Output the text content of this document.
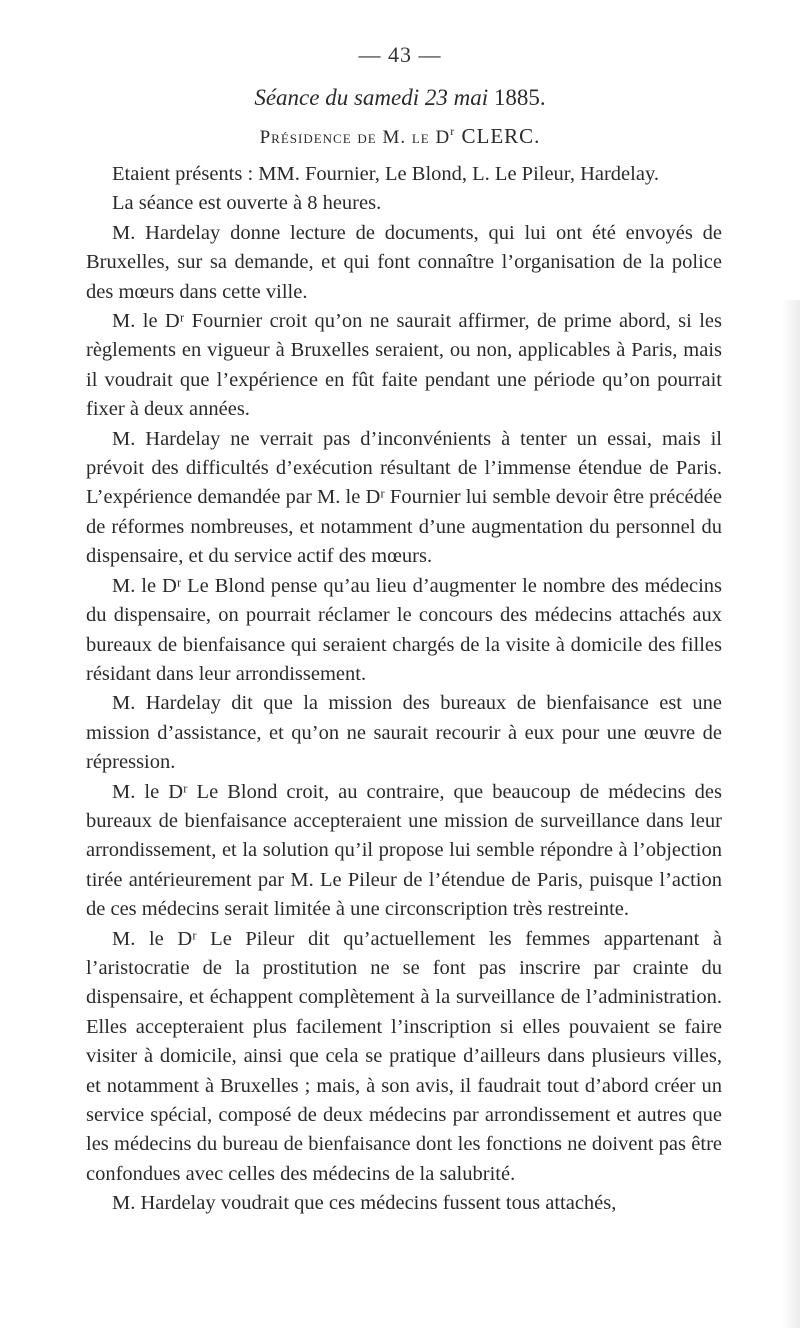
— 43 —
Séance du samedi 23 mai 1885.
Présidence de M. le $D^r$ CLERC.

Etaient présents : MM. Fournier, Le Blond, L. Le Pileur, Hardelay.

La séance est ouverte à 8 heures.

M. Hardelay donne lecture de documents, qui lui ont été envoyés de Bruxelles, sur sa demande, et qui font connaître l’organisation de la police des mœurs dans cette ville.

M. le Dʳ Fournier croit qu’on ne saurait affirmer, de prime abord, si les règlements en vigueur à Bruxelles seraient, ou non, applicables à Paris, mais il voudrait que l’expérience en fût faite pendant une période qu’on pourrait fixer à deux années.

M. Hardelay ne verrait pas d’inconvénients à tenter un essai, mais il prévoit des difficultés d’exécution résultant de l’immense étendue de Paris. L’expérience demandée par M. le Dʳ Fournier lui semble devoir être précédée de réformes nombreuses, et notamment d’une augmentation du personnel du dispensaire, et du service actif des mœurs.

M. le Dʳ Le Blond pense qu’au lieu d’augmenter le nombre des médecins du dispensaire, on pourrait réclamer le concours des médecins attachés aux bureaux de bienfaisance qui seraient chargés de la visite à domicile des filles résidant dans leur arrondissement.

M. Hardelay dit que la mission des bureaux de bienfaisance est une mission d’assistance, et qu’on ne saurait recourir à eux pour une œuvre de répression.

M. le Dʳ Le Blond croit, au contraire, que beaucoup de médecins des bureaux de bienfaisance accepteraient une mission de surveillance dans leur arrondissement, et la solution qu’il propose lui semble répondre à l’objection tirée antérieurement par M. Le Pileur de l’étendue de Paris, puisque l’action de ces médecins serait limitée à une circonscription très restreinte.

M. le Dʳ Le Pileur dit qu’actuellement les femmes appartenant à l’aristocratie de la prostitution ne se font pas inscrire par crainte du dispensaire, et échappent complètement à la surveillance de l’administration. Elles accepteraient plus facilement l’inscription si elles pouvaient se faire visiter à domicile, ainsi que cela se pratique d’ailleurs dans plusieurs villes, et notamment à Bruxelles ; mais, à son avis, il faudrait tout d’abord créer un service spécial, composé de deux médecins par arrondissement et autres que les médecins du bureau de bienfaisance dont les fonctions ne doivent pas être confondues avec celles des médecins de la salubrité.

M. Hardelay voudrait que ces médecins fussent tous attachés,
